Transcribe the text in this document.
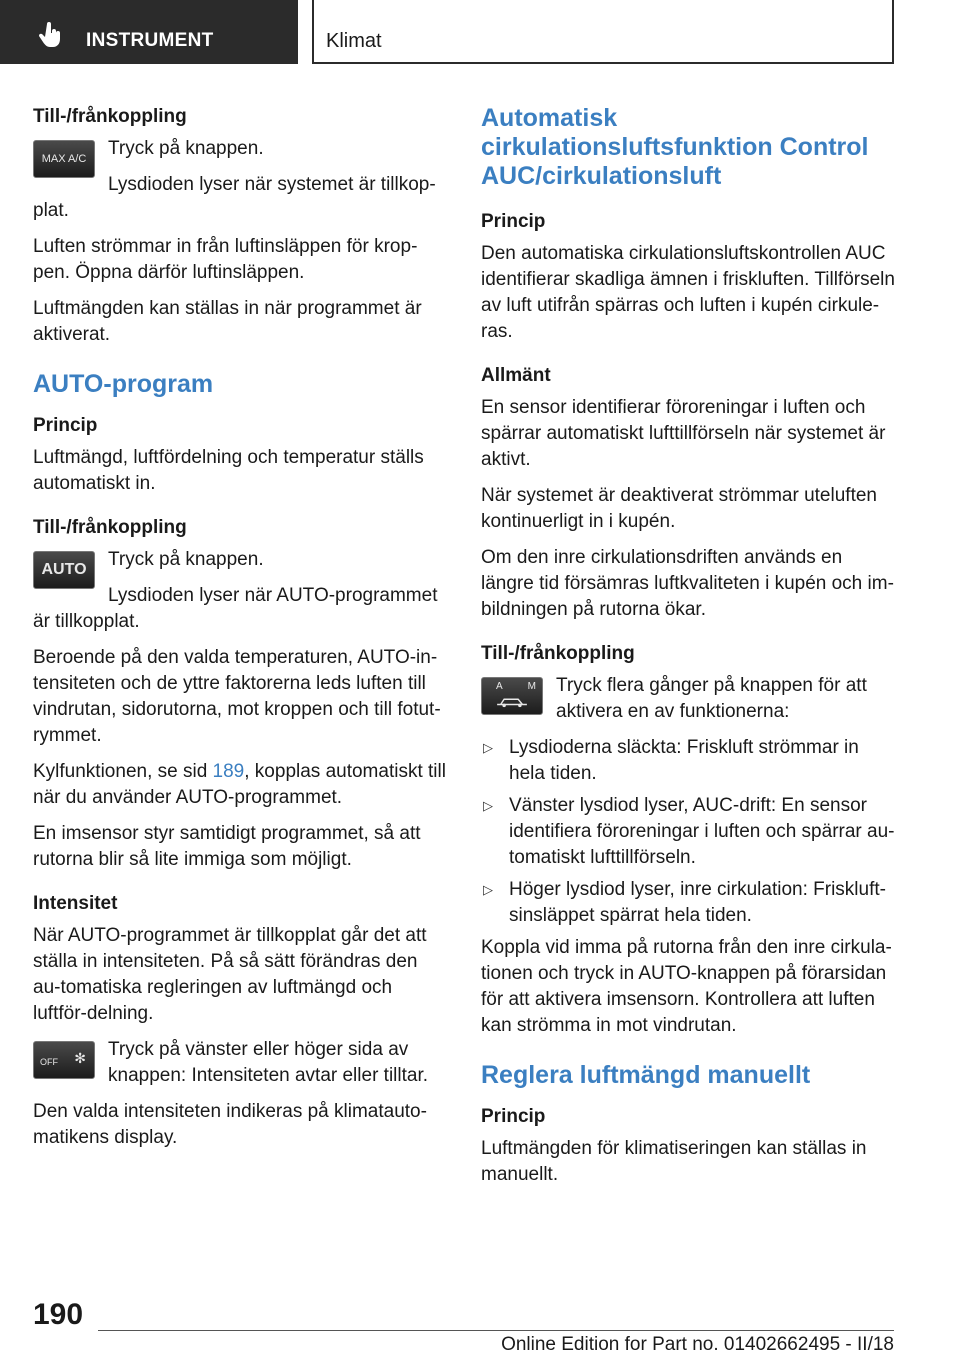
INSTRUMENT	Klimat
Till-/frånkoppling
MAX A/C	Tryck på knappen.

Lysdioden lyser när systemet är tillkop-plat.

Luften strömmar in från luftinsläppen för krop-pen. Öppna därför luftinsläppen.

Luftmängden kan ställas in när programmet är aktiverat.

AUTO-program
Princip

Luftmängd, luftfördelning och temperatur ställs automatiskt in.

Till-/frånkoppling
AUTO	Tryck på knappen.

Lysdioden lyser när AUTO-programmet är tillkopplat.

Beroende på den valda temperaturen, AUTO-in-tensiteten och de yttre faktorerna leds luften till vindrutan, sidorutorna, mot kroppen och till fotut-rymmet.

Kylfunktionen, se sid 189, kopplas automatiskt till när du använder AUTO-programmet.

En imsensor styr samtidigt programmet, så att rutorna blir så lite immiga som möjligt.

Intensitet

När AUTO-programmet är tillkopplat går det att ställa in intensiteten. På så sätt förändras den au-tomatiska regleringen av luftmängd och luftför-delning.

OFF ✻ Tryck på vänster eller höger sida av knappen: Intensiteten avtar eller tilltar.

Den valda intensiteten indikeras på klimatauto-matikens display.

Automatisk cirkulationsluftsfunktion Control AUC/cirkulationsluft
Princip

Den automatiska cirkulationsluftskontrollen AUC identifierar skadliga ämnen i friskluften. Tillförseln av luft utifrån spärras och luften i kupén cirkule-ras.

Allmänt

En sensor identifierar föroreningar i luften och spärrar automatiskt lufttillförseln när systemet är aktivt.

När systemet är deaktiverat strömmar uteluften kontinuerligt in i kupén.

Om den inre cirkulationsdriften används en längre tid försämras luftkvaliteten i kupén och im-bildningen på rutorna ökar.

Till-/frånkoppling
A M Tryck flera gånger på knappen för att aktivera en av funktionerna:

▷ Lysdioderna släckta: Friskluft strömmar in hela tiden.
▷ Vänster lysdiod lyser, AUC-drift: En sensor identifiera föroreningar i luften och spärrar au-tomatiskt lufttillförseln.
▷ Höger lysdiod lyser, inre cirkulation: Friskluft-sinsläppet spärrat hela tiden.

Koppla vid imma på rutorna från den inre cirkula-tionen och tryck in AUTO-knappen på förarsidan för att aktivera imsensorn. Kontrollera att luften kan strömma in mot vindrutan.

Reglera luftmängd manuellt
Princip

Luftmängden för klimatiseringen kan ställas in manuellt.

190
Online Edition for Part no. 01402662495 - II/18
